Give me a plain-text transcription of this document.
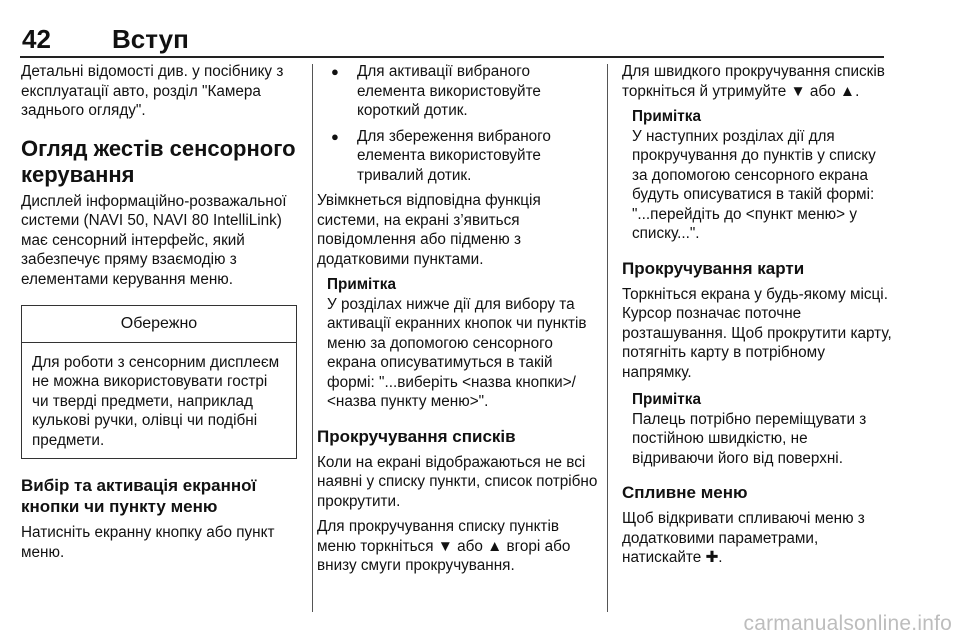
42 Вступ

Детальні відомості див. у посібнику з експлуатації авто, розділ "Камера заднього огляду".

Огляд жестів сенсорного керування

Дисплей інформаційно-розважальної системи (NAVI 50, NAVI 80 IntelliLink) має сенсорний інтерфейс, який забезпечує пряму взаємодію з елементами керування меню.

Обережно
Для роботи з сенсорним дисплеєм не можна використовувати гострі чи тверді предмети, наприклад кулькові ручки, олівці чи подібні предмети.

Вибір та активація екранної кнопки чи пункту меню

Натисніть екранну кнопку або пункт меню.

● Для активації вибраного елемента використовуйте короткий дотик.
● Для збереження вибраного елемента використовуйте тривалий дотик.

Увімкнеться відповідна функція системи, на екрані з’явиться повідомлення або підменю з додатковими пунктами.

Примітка

У розділах нижче дії для вибору та активації екранних кнопок чи пунктів меню за допомогою сенсорного екрана описуватимуться в такій формі: "...виберіть <назва кнопки>/ <назва пункту меню>".

Прокручування списків

Коли на екрані відображаються не всі наявні у списку пункти, список потрібно прокрутити.

Для прокручування списку пунктів меню торкніться ▼ або ▲ вгорі або внизу смуги прокручування.

Для швидкого прокручування списків торкніться й утримуйте ▼ або ▲.

Примітка

У наступних розділах дії для прокручування до пунктів у списку за допомогою сенсорного екрана будуть описуватися в такій формі: "...перейдіть до <пункт меню> у списку...".

Прокручування карти

Торкніться екрана у будь-якому місці. Курсор позначає поточне розташування. Щоб прокрутити карту, потягніть карту в потрібному напрямку.

Примітка

Палець потрібно переміщувати з постійною швидкістю, не відриваючи його від поверхні.

Спливне меню

Щоб відкривати спливаючі меню з додатковими параметрами, натискайте ✚.

carmanualsonline.info
